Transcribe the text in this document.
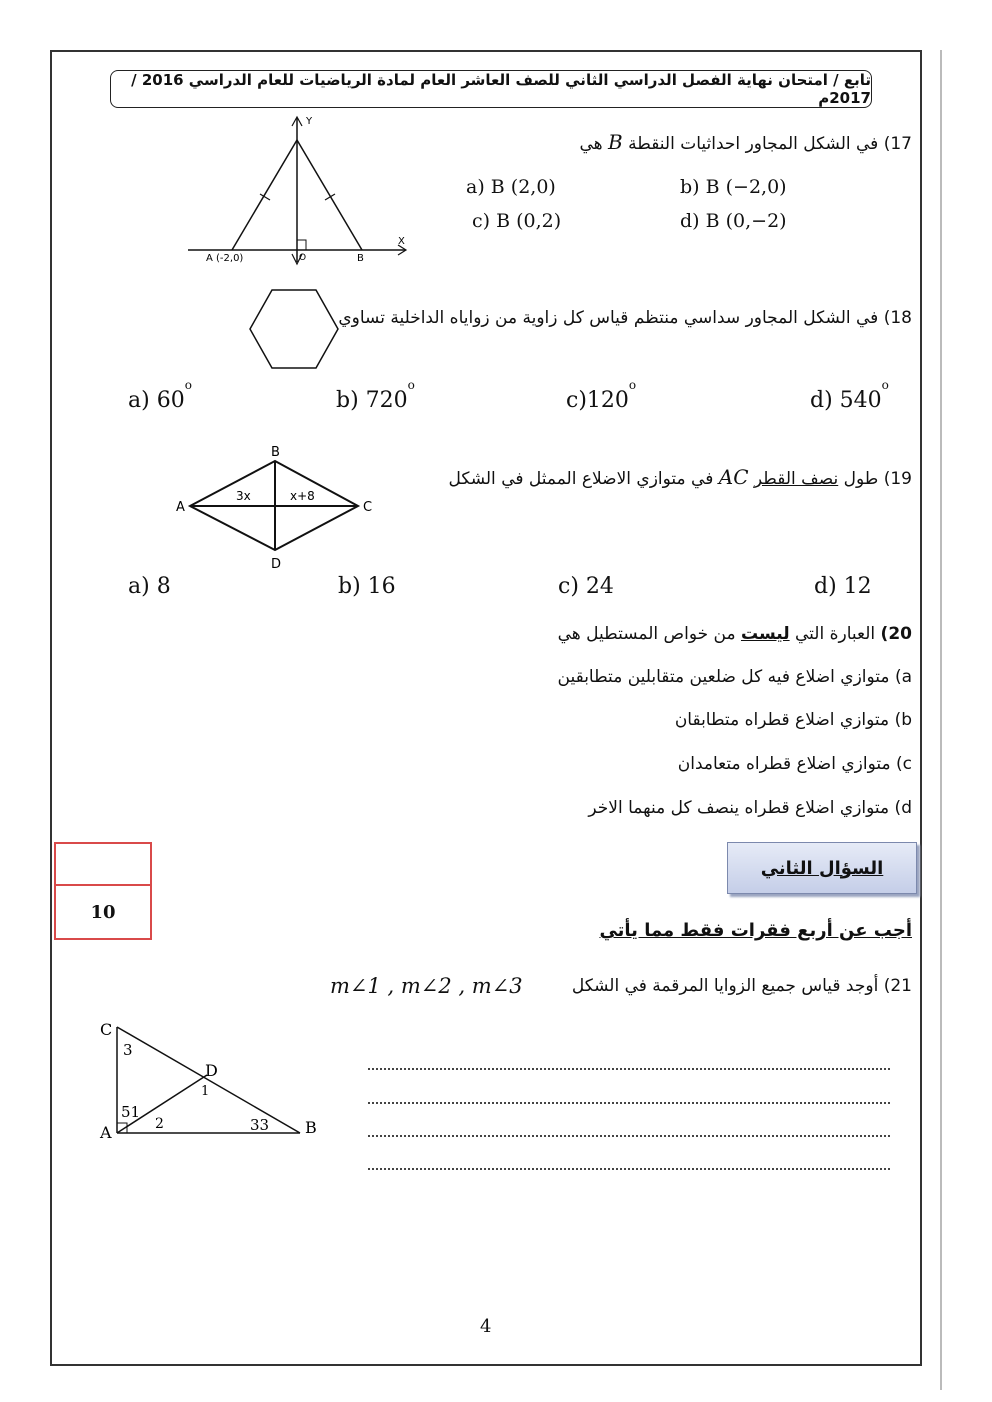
تابع / امتحان نهاية الفصل الدراسي الثاني للصف العاشر العام لمادة الرياضيات للعام الدراسي 2016 / 2017م
17) في الشكل المجاور احداثيات النقطة B هي
Y
X
A (-2,0)	O	B
a) B (2,0)	b) B (−2,0)
c) B (0,2)	d) B (0,−2)
18) في الشكل المجاور سداسي منتظم قياس كل زاوية من زواياه الداخلية تساوي
a) 60$^o$
b) 720$^o$
c)120$^o$
d) 540$^o$
19) طول نصف القطر AC في متوازي الاضلاع الممثل في الشكل
B
A	C
D
3x	x+8
a) 8	b) 16	c) 24	d) 12
20) العبارة التي ليست من خواص المستطيل هي
a) متوازي اضلاع فيه كل ضلعين متقابلين متطابقين
b) متوازي اضلاع قطراه متطابقان
c) متوازي اضلاع قطراه متعامدان
d) متوازي اضلاع قطراه ينصف كل منهما الاخر
10
السؤال الثاني
أجب عن أربع فقرات فقط مما يأتي
21) أوجد قياس جميع الزوايا المرقمة في الشكل
m∠1 , m∠2 , m∠3
C
D
A	B
3
1
51
2	33
4
